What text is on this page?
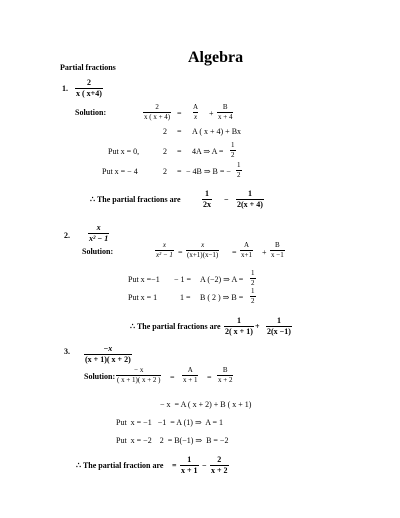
Algebra
Partial fractions
1.
2
x ( x+4)
Solution:
2
x ( x + 4) =
A
x +
B
x + 4
2 = A ( x + 4) + Bx
Put x = 0,	2 = 4A ⇒ A =
1
2
Put x = − 4	2 = − 4B ⇒ B = −
1
2
∴ The partial fractions are
1
2x
−
1
2(x + 4)
2.
x
x² − 1
Solution:
x
x² − 1 =
x
(x+1)(x−1) =
A
x+1 +
B
x −1
Put x =−1 − 1 = A (−2) ⇒ A =
1
2
Put x = 1	1 = B ( 2 ) ⇒ B =
1
2
∴ The partial fractions are
1
2( x + 1)
+
1
2(x −1)
3.	−x
(x + 1)( x + 2)
Solution:
− x
( x + 1)( x + 2 ) =
A
x + 1 =
B
x + 2
− x  = A ( x + 2) + B ( x + 1)
Put  x = −1   −1  = A (1) ⇒  A = 1
Put  x = −2    2  = B(−1) ⇒  B = −2
∴ The partial fraction are =
1
x + 1
−
2
x + 2
